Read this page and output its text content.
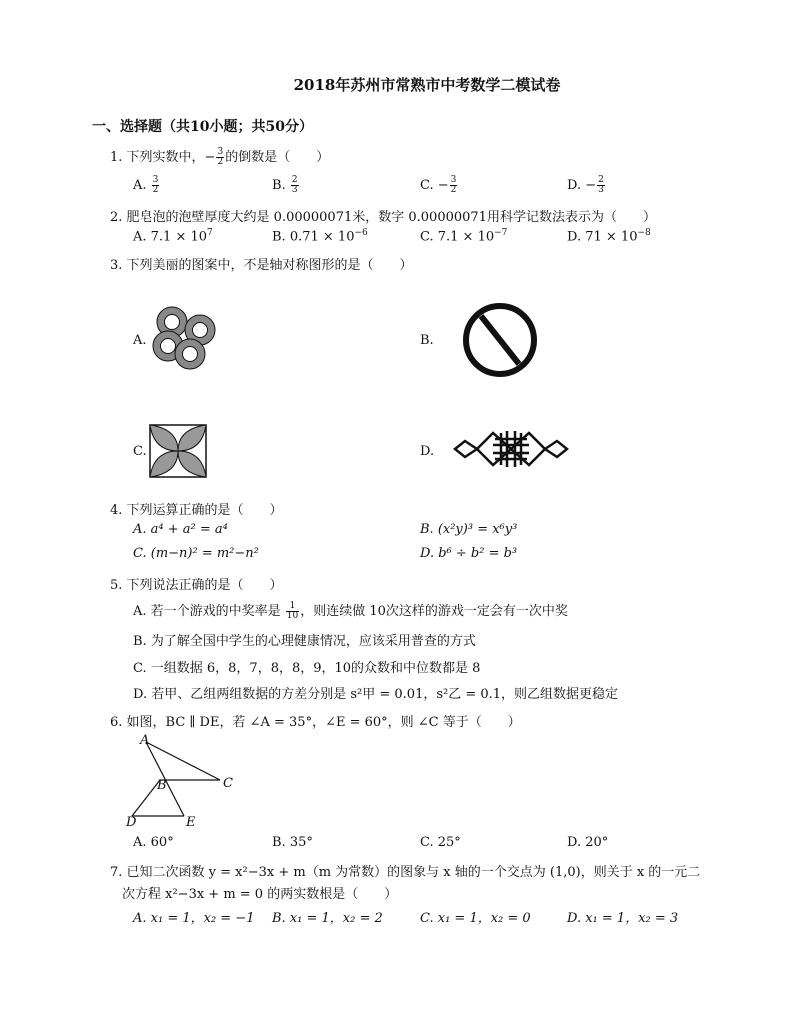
2018年苏州市常熟市中考数学二模试卷
一、选择题（共10小题；共50分）
1. 下列实数中，− $\frac{3}{2}$ 的倒数是（　　）
A. $\frac{3}{2}$	B. $\frac{2}{3}$	C. − $\frac{3}{2}$	D. − $\frac{2}{3}$
2. 肥皂泡的泡壁厚度大约是 0.00000071米，数字 0.00000071用科学记数法表示为（　　）
A. $7.1 \times 10^7$	B. $0.71 \times 10^{-6}$	C. $7.1 \times 10^{-7}$	D. $71 \times 10^{-8}$
3. 下列美丽的图案中，不是轴对称图形的是（　　）
A.	B.
C.	D.
4. 下列运算正确的是（　　）
A. a⁴ + a² = a⁴	B. (x²y)³ = x⁶y³
C. (m−n)² = m²−n²	D. b⁶ ÷ b² = b³
5. 下列说法正确的是（　　）
A. 若一个游戏的中奖率是 $\frac{1}{10}$ ，则连续做 10次这样的游戏一定会有一次中奖
B. 为了解全国中学生的心理健康情况，应该采用普查的方式
C. 一组数据 6，8，7，8，8，9，10的众数和中位数都是 8
D. 若甲、乙组两组数据的方差分别是 s²甲 = 0.01，s²乙 = 0.1，则乙组数据更稳定
6. 如图，BC ∥ DE，若 ∠A = 35°，∠E = 60°，则 ∠C 等于（　　）
A
B	C
D	E
A. 60°	B. 35°	C. 25°	D. 20°
7. 已知二次函数 y = x²−3x + m（m 为常数）的图象与 x 轴的一个交点为 (1,0)，则关于 x 的一元二
次方程 x²−3x + m = 0 的两实数根是（　　）
A. x₁ = 1，x₂ = −1 B. x₁ = 1，x₂ = 2	C. x₁ = 1，x₂ = 0	D. x₁ = 1，x₂ = 3
